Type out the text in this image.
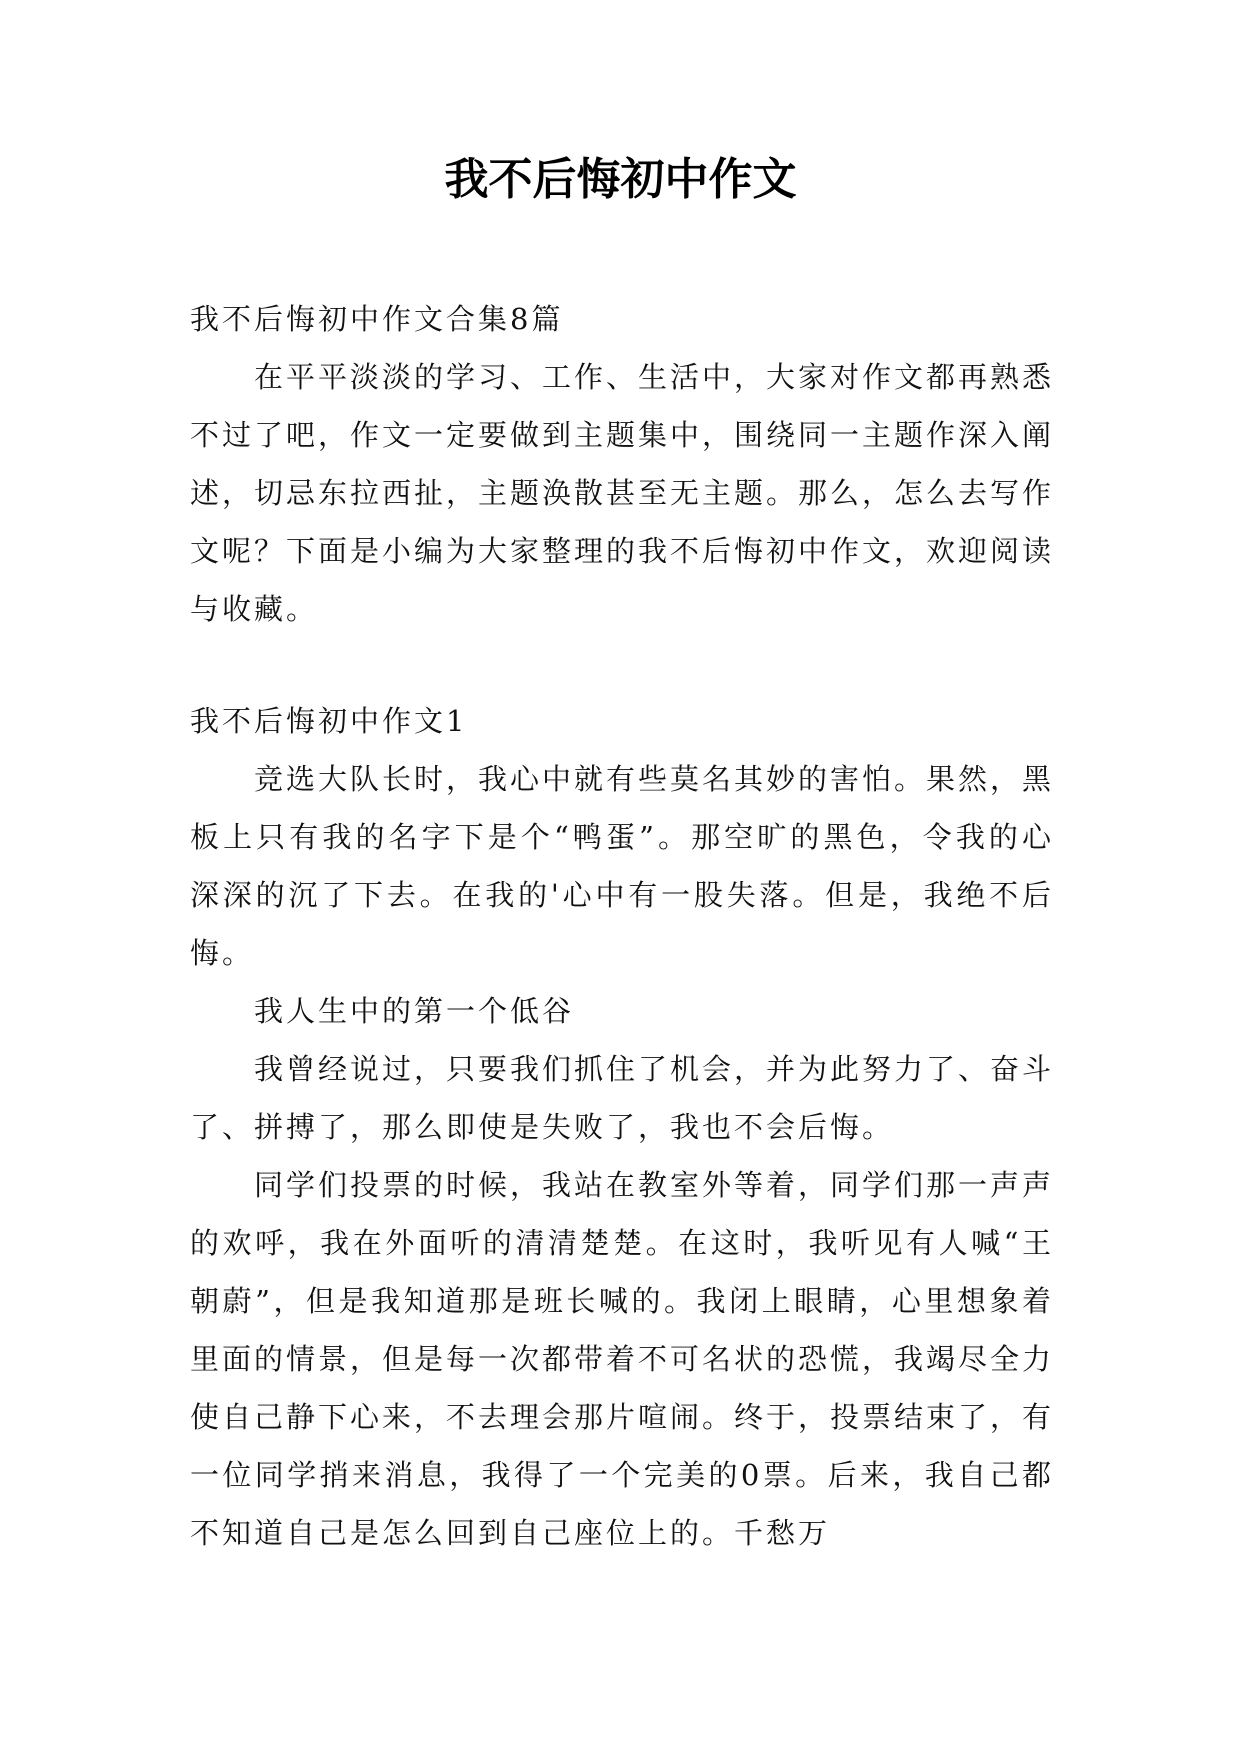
我不后悔初中作文

我不后悔初中作文合集8篇

在平平淡淡的学习、工作、生活中，大家对作文都再熟悉不过了吧，作文一定要做到主题集中，围绕同一主题作深入阐述，切忌东拉西扯，主题涣散甚至无主题。那么，怎么去写作文呢？下面是小编为大家整理的我不后悔初中作文，欢迎阅读与收藏。

我不后悔初中作文1

竞选大队长时，我心中就有些莫名其妙的害怕。果然，黑板上只有我的名字下是个“鸭蛋”。那空旷的黑色，令我的心深深的沉了下去。在我的'心中有一股失落。但是，我绝不后悔。

我人生中的第一个低谷

我曾经说过，只要我们抓住了机会，并为此努力了、奋斗了、拼搏了，那么即使是失败了，我也不会后悔。

同学们投票的时候，我站在教室外等着，同学们那一声声的欢呼，我在外面听的清清楚楚。在这时，我听见有人喊“王朝蔚”，但是我知道那是班长喊的。我闭上眼睛，心里想象着里面的情景，但是每一次都带着不可名状的恐慌，我竭尽全力使自己静下心来，不去理会那片喧闹。终于，投票结束了，有一位同学捎来消息，我得了一个完美的0票。后来，我自己都不知道自己是怎么回到自己座位上的。千愁万
